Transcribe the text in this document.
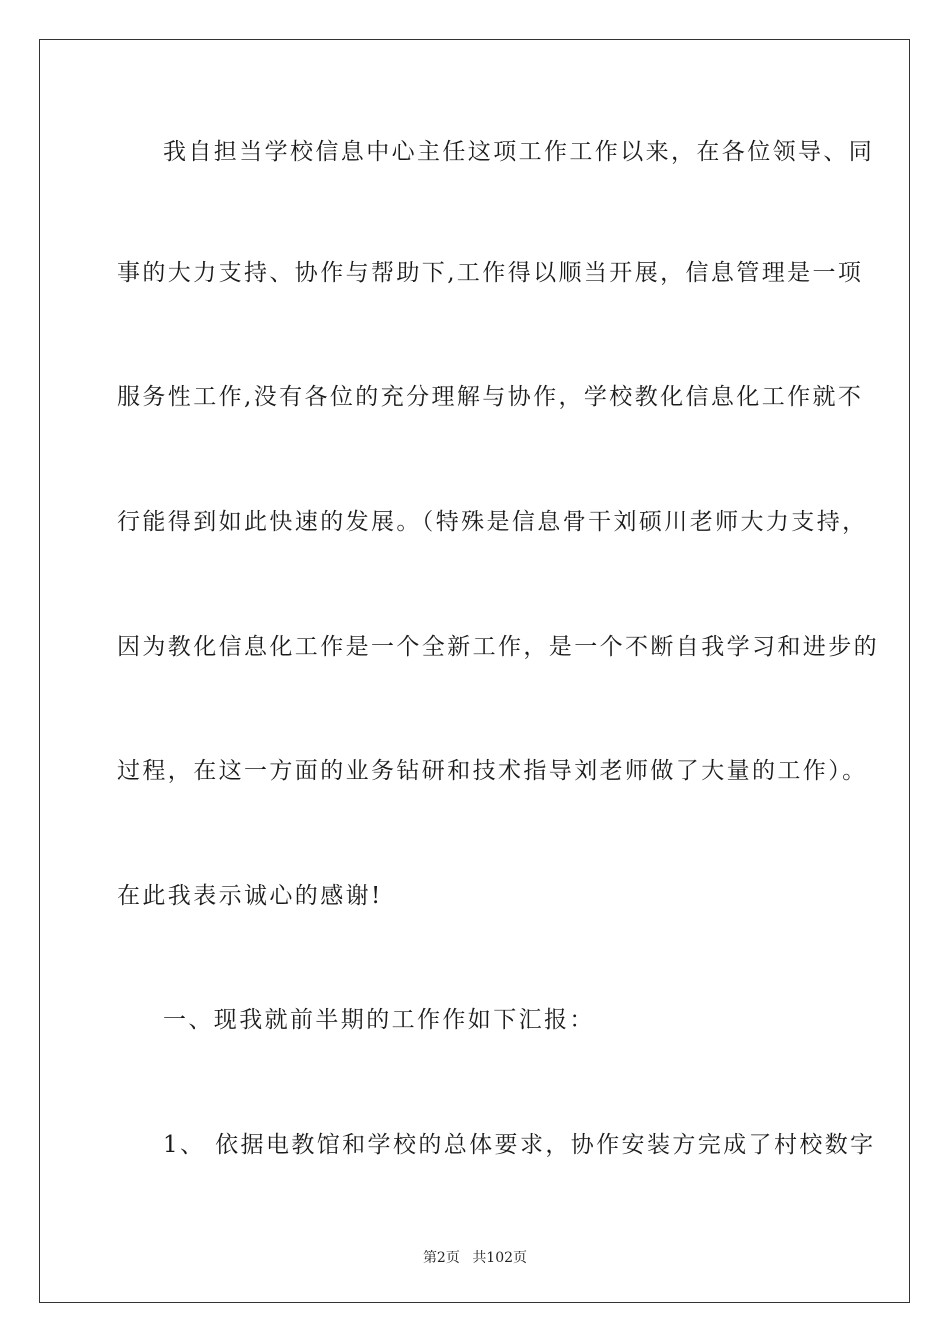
我自担当学校信息中心主任这项工作工作以来，在各位领导、同
事的大力支持、协作与帮助下,工作得以顺当开展，信息管理是一项
服务性工作,没有各位的充分理解与协作，学校教化信息化工作就不
行能得到如此快速的发展。（特殊是信息骨干刘硕川老师大力支持，
因为教化信息化工作是一个全新工作，是一个不断自我学习和进步的
过程，在这一方面的业务钻研和技术指导刘老师做了大量的工作）。
在此我表示诚心的感谢!
一、现我就前半期的工作作如下汇报：
1、 依据电教馆和学校的总体要求，协作安装方完成了村校数字
第2页 共102页
